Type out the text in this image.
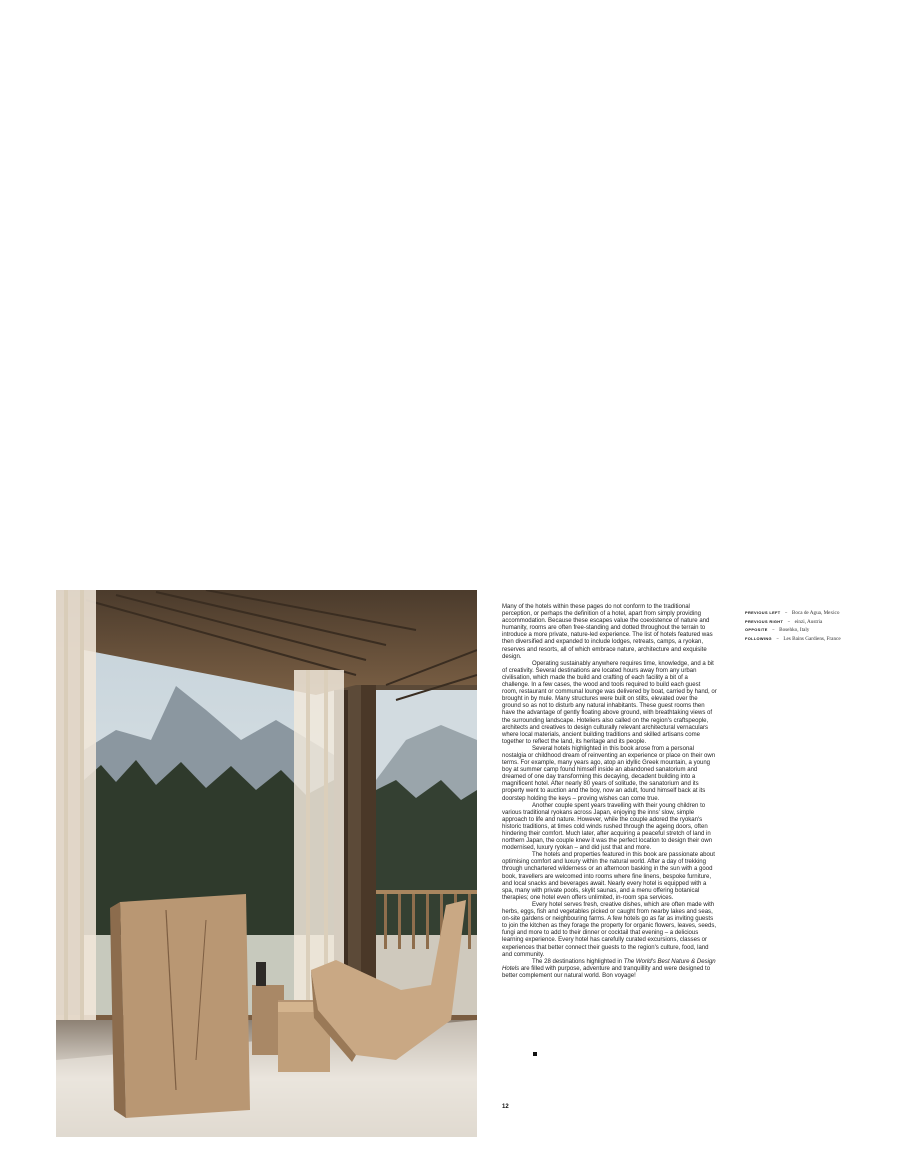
Many of the hotels within these pages do not conform to the traditional perception, or perhaps the definition of a hotel, apart from simply providing accommodation. Because these escapes value the coexistence of nature and humanity, rooms are often free-standing and dotted throughout the terrain to introduce a more private, nature-led experience. The list of hotels featured was then diversified and expanded to include lodges, retreats, camps, a ryokan, reserves and resorts, all of which embrace nature, architecture and exquisite design.

Operating sustainably anywhere requires time, knowledge, and a bit of creativity. Several destinations are located hours away from any urban civilisation, which made the build and crafting of each facility a bit of a challenge. In a few cases, the wood and tools required to build each guest room, restaurant or communal lounge was delivered by boat, carried by hand, or brought in by mule. Many structures were built on stilts, elevated over the ground so as not to disturb any natural inhabitants. These guest rooms then have the advantage of gently floating above ground, with breathtaking views of the surrounding landscape. Hoteliers also called on the region's craftspeople, architects and creatives to design culturally relevant architectural vernaculars where local materials, ancient building traditions and skilled artisans come together to reflect the land, its heritage and its people.

Several hotels highlighted in this book arose from a personal nostalgia or childhood dream of reinventing an experience or place on their own terms. For example, many years ago, atop an idyllic Greek mountain, a young boy at summer camp found himself inside an abandoned sanatorium and dreamed of one day transforming this decaying, decadent building into a magnificent hotel. After nearly 80 years of solitude, the sanatorium and its property went to auction and the boy, now an adult, found himself back at its doorstep holding the keys – proving wishes can come true.

Another couple spent years travelling with their young children to various traditional ryokans across Japan, enjoying the inns' slow, simple approach to life and nature. However, while the couple adored the ryokan's historic traditions, at times cold winds rushed through the ageing doors, often hindering their comfort. Much later, after acquiring a peaceful stretch of land in northern Japan, the couple knew it was the perfect location to design their own modernised, luxury ryokan – and did just that and more.

The hotels and properties featured in this book are passionate about optimising comfort and luxury within the natural world. After a day of trekking through unchartered wilderness or an afternoon basking in the sun with a good book, travellers are welcomed into rooms where fine linens, bespoke furniture, and local snacks and beverages await. Nearly every hotel is equipped with a spa, many with private pools, skylit saunas, and a menu offering botanical therapies; one hotel even offers unlimited, in-room spa services.

Every hotel serves fresh, creative dishes, which are often made with herbs, eggs, fish and vegetables picked or caught from nearby lakes and seas, on-site gardens or neighbouring farms. A few hotels go as far as inviting guests to join the kitchen as they forage the property for organic flowers, leaves, seeds, fungi and more to add to their dinner or cocktail that evening – a delicious learning experience. Every hotel has carefully curated excursions, classes or experiences that better connect their guests to the region's culture, food, land and community.

The 28 destinations highlighted in The World's Best Nature & Design Hotels are filled with purpose, adventure and tranquillity and were designed to better complement our natural world. Bon voyage!

12
PREVIOUS LEFT – Boca de Agua, Mexico
PREVIOUS RIGHT – einzi, Austria
OPPOSITE – Bosehko, Italy
FOLLOWING – Les Bains Gardiens, France
